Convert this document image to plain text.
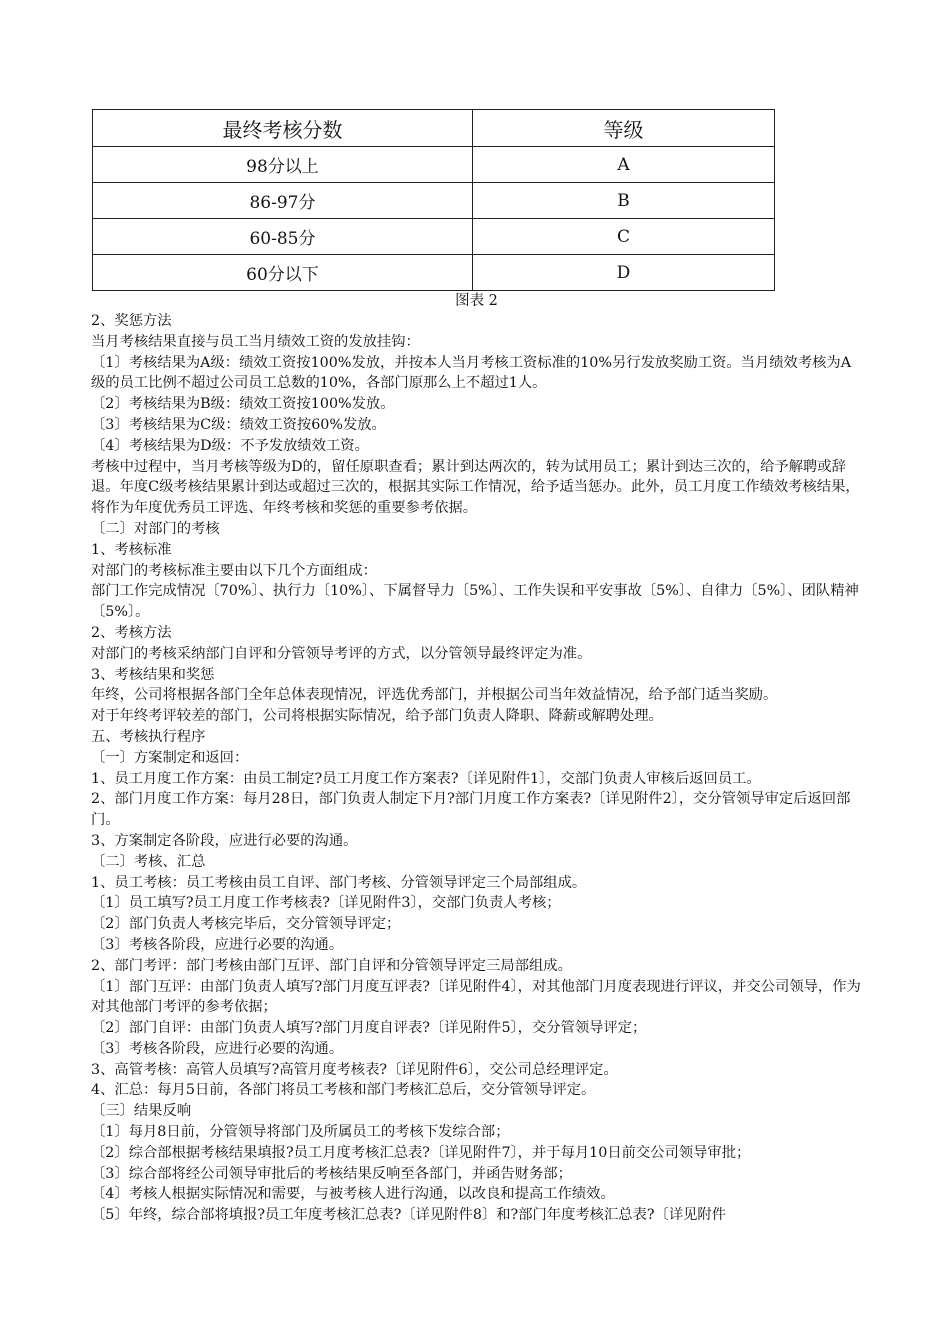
最终考核分数	等级
98分以上	A
86-97分	B
60-85分	C
60分以下	D
图表 2

2、奖惩方法

当月考核结果直接与员工当月绩效工资的发放挂钩：

〔1〕考核结果为A级：绩效工资按100%发放，并按本人当月考核工资标准的10%另行发放奖励工资。当月绩效考核为A级的员工比例不超过公司员工总数的10%，各部门原那么上不超过1人。

〔2〕考核结果为B级：绩效工资按100%发放。

〔3〕考核结果为C级：绩效工资按60%发放。

〔4〕考核结果为D级：不予发放绩效工资。

考核中过程中，当月考核等级为D的，留任原职查看；累计到达两次的，转为试用员工；累计到达三次的，给予解聘或辞退。年度C级考核结果累计到达或超过三次的，根据其实际工作情况，给予适当惩办。此外，员工月度工作绩效考核结果，将作为年度优秀员工评选、年终考核和奖惩的重要参考依据。

〔二〕对部门的考核

1、考核标准

对部门的考核标准主要由以下几个方面组成：

部门工作完成情况〔70%〕、执行力〔10%〕、下属督导力〔5%〕、工作失误和平安事故〔5%〕、自律力〔5%〕、团队精神〔5%〕。

2、考核方法

对部门的考核采纳部门自评和分管领导考评的方式，以分管领导最终评定为准。

3、考核结果和奖惩

年终，公司将根据各部门全年总体表现情况，评选优秀部门，并根据公司当年效益情况，给予部门适当奖励。

对于年终考评较差的部门，公司将根据实际情况，给予部门负责人降职、降薪或解聘处理。

五、考核执行程序

〔一〕方案制定和返回：

1、员工月度工作方案：由员工制定?员工月度工作方案表?〔详见附件1〕，交部门负责人审核后返回员工。

2、部门月度工作方案：每月28日，部门负责人制定下月?部门月度工作方案表?〔详见附件2〕，交分管领导审定后返回部门。

3、方案制定各阶段，应进行必要的沟通。

〔二〕考核、汇总

1、员工考核：员工考核由员工自评、部门考核、分管领导评定三个局部组成。

〔1〕员工填写?员工月度工作考核表?〔详见附件3〕，交部门负责人考核；

〔2〕部门负责人考核完毕后，交分管领导评定；

〔3〕考核各阶段，应进行必要的沟通。

2、部门考评：部门考核由部门互评、部门自评和分管领导评定三局部组成。

〔1〕部门互评：由部门负责人填写?部门月度互评表?〔详见附件4〕，对其他部门月度表现进行评议，并交公司领导，作为对其他部门考评的参考依据；

〔2〕部门自评：由部门负责人填写?部门月度自评表?〔详见附件5〕，交分管领导评定；

〔3〕考核各阶段，应进行必要的沟通。

3、高管考核：高管人员填写?高管月度考核表?〔详见附件6〕，交公司总经理评定。

4、汇总：每月5日前，各部门将员工考核和部门考核汇总后，交分管领导评定。

〔三〕结果反响

〔1〕每月8日前，分管领导将部门及所属员工的考核下发综合部；

〔2〕综合部根据考核结果填报?员工月度考核汇总表?〔详见附件7〕，并于每月10日前交公司领导审批；

〔3〕综合部将经公司领导审批后的考核结果反响至各部门，并函告财务部；

〔4〕考核人根据实际情况和需要，与被考核人进行沟通，以改良和提高工作绩效。

〔5〕年终，综合部将填报?员工年度考核汇总表?〔详见附件8〕和?部门年度考核汇总表?〔详见附件
